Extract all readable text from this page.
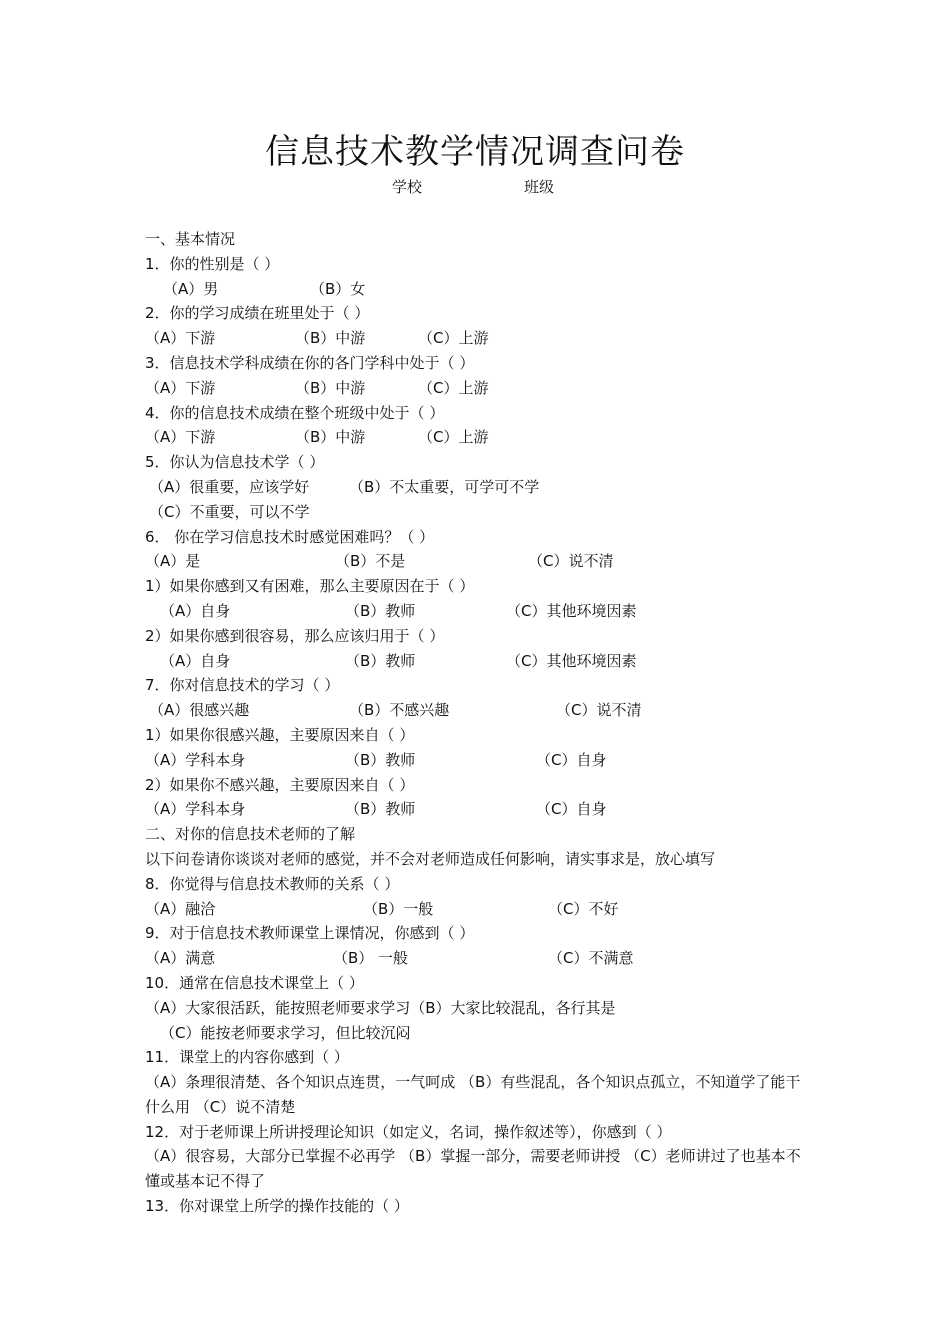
信息技术教学情况调查问卷
学校	班级
一、基本情况
1．你的性别是（ ）
（A）男	（B）女
2．你的学习成绩在班里处于（ ）
（A）下游	（B）中游	（C）上游
3．信息技术学科成绩在你的各门学科中处于（ ）
（A）下游	（B）中游	（C）上游
4．你的信息技术成绩在整个班级中处于（ ）
（A）下游	（B）中游	（C）上游
5．你认为信息技术学（ ）
（A）很重要，应该学好	（B）不太重要，可学可不学
（C）不重要，可以不学
6． 你在学习信息技术时感觉困难吗？（ ）
（A）是	（B）不是	（C）说不清
1）如果你感到又有困难，那么主要原因在于（ ）
（A）自身	（B）教师	（C）其他环境因素
2）如果你感到很容易，那么应该归用于（ ）
（A）自身	（B）教师	（C）其他环境因素
7．你对信息技术的学习（ ）
（A）很感兴趣	（B）不感兴趣	（C）说不清
1）如果你很感兴趣，主要原因来自（ ）
（A）学科本身	（B）教师	（C）自身
2）如果你不感兴趣，主要原因来自（ ）
（A）学科本身	（B）教师	（C）自身
二、对你的信息技术老师的了解
以下问卷请你谈谈对老师的感觉，并不会对老师造成任何影响，请实事求是，放心填写
8．你觉得与信息技术教师的关系（ ）
（A）融洽	（B）一般	（C）不好
9．对于信息技术教师课堂上课情况，你感到（ ）
（A）满意	（B） 一般	（C）不满意
10．通常在信息技术课堂上（ ）
（A）大家很活跃，能按照老师要求学习（B）大家比较混乱，各行其是
（C）能按老师要求学习，但比较沉闷
11．课堂上的内容你感到（ ）
（A）条理很清楚、各个知识点连贯，一气呵成 （B）有些混乱，各个知识点孤立，不知道学了能干什么用 （C）说不清楚
12．对于老师课上所讲授理论知识（如定义，名词，操作叙述等），你感到（ ）
（A）很容易，大部分已掌握不必再学 （B）掌握一部分，需要老师讲授 （C）老师讲过了也基本不懂或基本记不得了
13．你对课堂上所学的操作技能的（ ）
